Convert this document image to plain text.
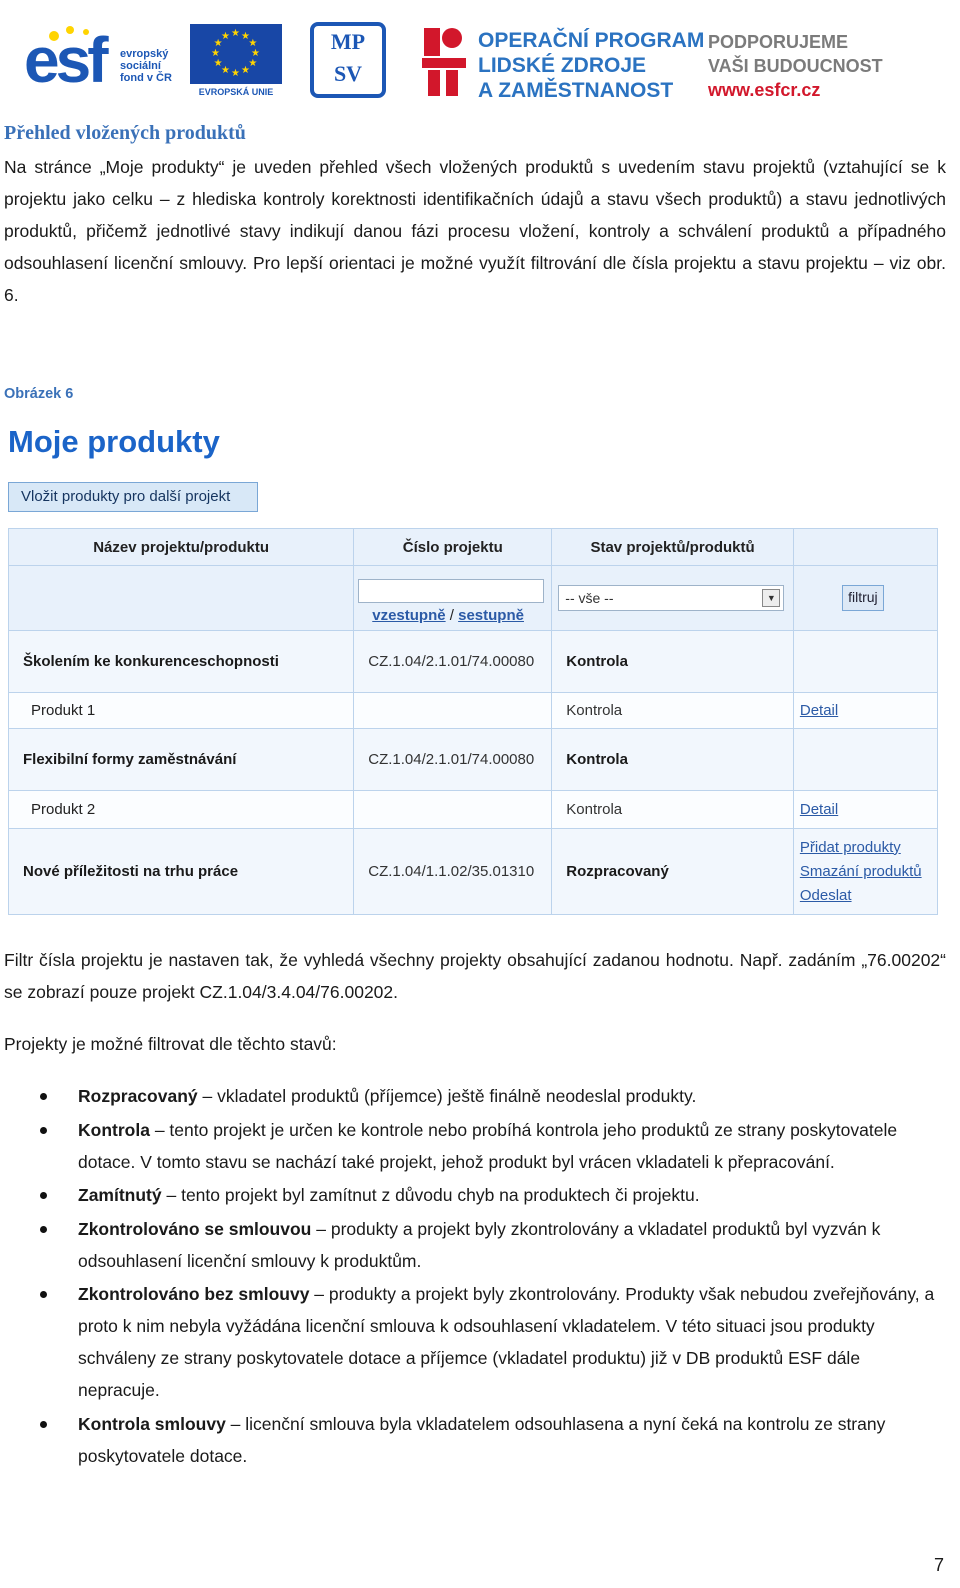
esf evropský
sociální
fond v ČR
★
★
★
★
★
★
★
★
★ ★ ★
★
EVROPSKÁ UNIE
MP
SV
OPERAČNÍ PROGRAM
LIDSKÉ ZDROJE
A ZAMĚSTNANOST
PODPORUJEME
VAŠI BUDOUCNOST
www.esfcr.cz
Přehled vložených produktů

Na stránce „Moje produkty“ je uveden přehled všech vložených produktů s uvedením stavu projektů (vztahující se k projektu jako celku – z hlediska kontroly korektnosti identifikačních údajů a stavu všech produktů) a stavu jednotlivých produktů, přičemž jednotlivé stavy indikují danou fázi procesu vložení, kontroly a schválení produktů a případného odsouhlasení licenční smlouvy. Pro lepší orientaci je možné využít filtrování dle čísla projektu a stavu projektu – viz obr. 6.

Obrázek 6

Moje produkty
Vložit produkty pro další projekt
Název projektu/produktu	Číslo projektu	Stav projektů/produktů	

	vzestupně / sestupně	-- vše -- ▼	filtruj
Školením ke konkurenceschopnosti	CZ.1.04/2.1.01/74.00080	Kontrola	
Produkt 1		Kontrola	Detail
Flexibilní formy zaměstnávání	CZ.1.04/2.1.01/74.00080	Kontrola	
Produkt 2		Kontrola	Detail
Nové příležitosti na trhu práce	CZ.1.04/1.1.02/35.01310	Rozpracovaný	Přidat produkty
Smazání produktů Odeslat

Filtr čísla projektu je nastaven tak, že vyhledá všechny projekty obsahující zadanou hodnotu. Např. zadáním „76.00202“ se zobrazí pouze projekt CZ.1.04/3.4.04/76.00202.

Projekty je možné filtrovat dle těchto stavů:

Rozpracovaný – vkladatel produktů (příjemce) ještě finálně neodeslal produkty.
Kontrola – tento projekt je určen ke kontrole nebo probíhá kontrola jeho produktů ze strany poskytovatele dotace. V tomto stavu se nachází také projekt, jehož produkt byl vrácen vkladateli k přepracování.
Zamítnutý – tento projekt byl zamítnut z důvodu chyb na produktech či projektu.
Zkontrolováno se smlouvou – produkty a projekt byly zkontrolovány a vkladatel produktů byl vyzván k odsouhlasení licenční smlouvy k produktům.
Zkontrolováno bez smlouvy – produkty a projekt byly zkontrolovány. Produkty však nebudou zveřejňovány, a proto k nim nebyla vyžádána licenční smlouva k odsouhlasení vkladatelem. V této situaci jsou produkty schváleny ze strany poskytovatele dotace a příjemce (vkladatel produktu) již v DB produktů ESF dále nepracuje.
Kontrola smlouvy – licenční smlouva byla vkladatelem odsouhlasena a nyní čeká na kontrolu ze strany poskytovatele dotace.
7
